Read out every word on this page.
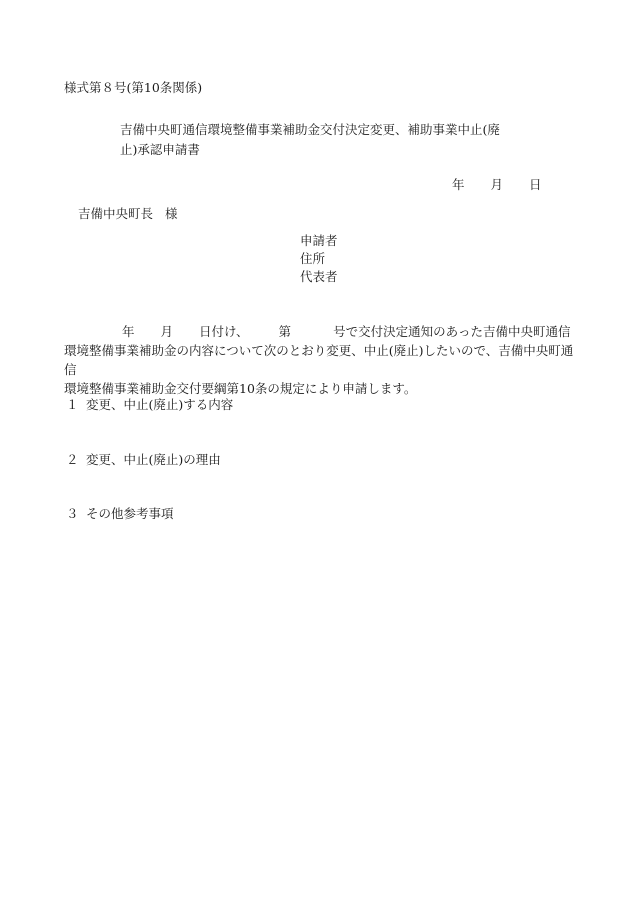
様式第８号(第10条関係)
吉備中央町通信環境整備事業補助金交付決定変更、補助事業中止(廃
止)承認申請書
年 月 日
吉備中央町長 様
申請者
住所
代表者
年 月 日付け、 第	号で交付決定通知のあった吉備中央町通信
環境整備事業補助金の内容について次のとおり変更、中止(廃止)したいので、吉備中央町通信
環境整備事業補助金交付要綱第10条の規定により申請します。
１ 変更、中止(廃止)する内容
２ 変更、中止(廃止)の理由
３ その他参考事項
